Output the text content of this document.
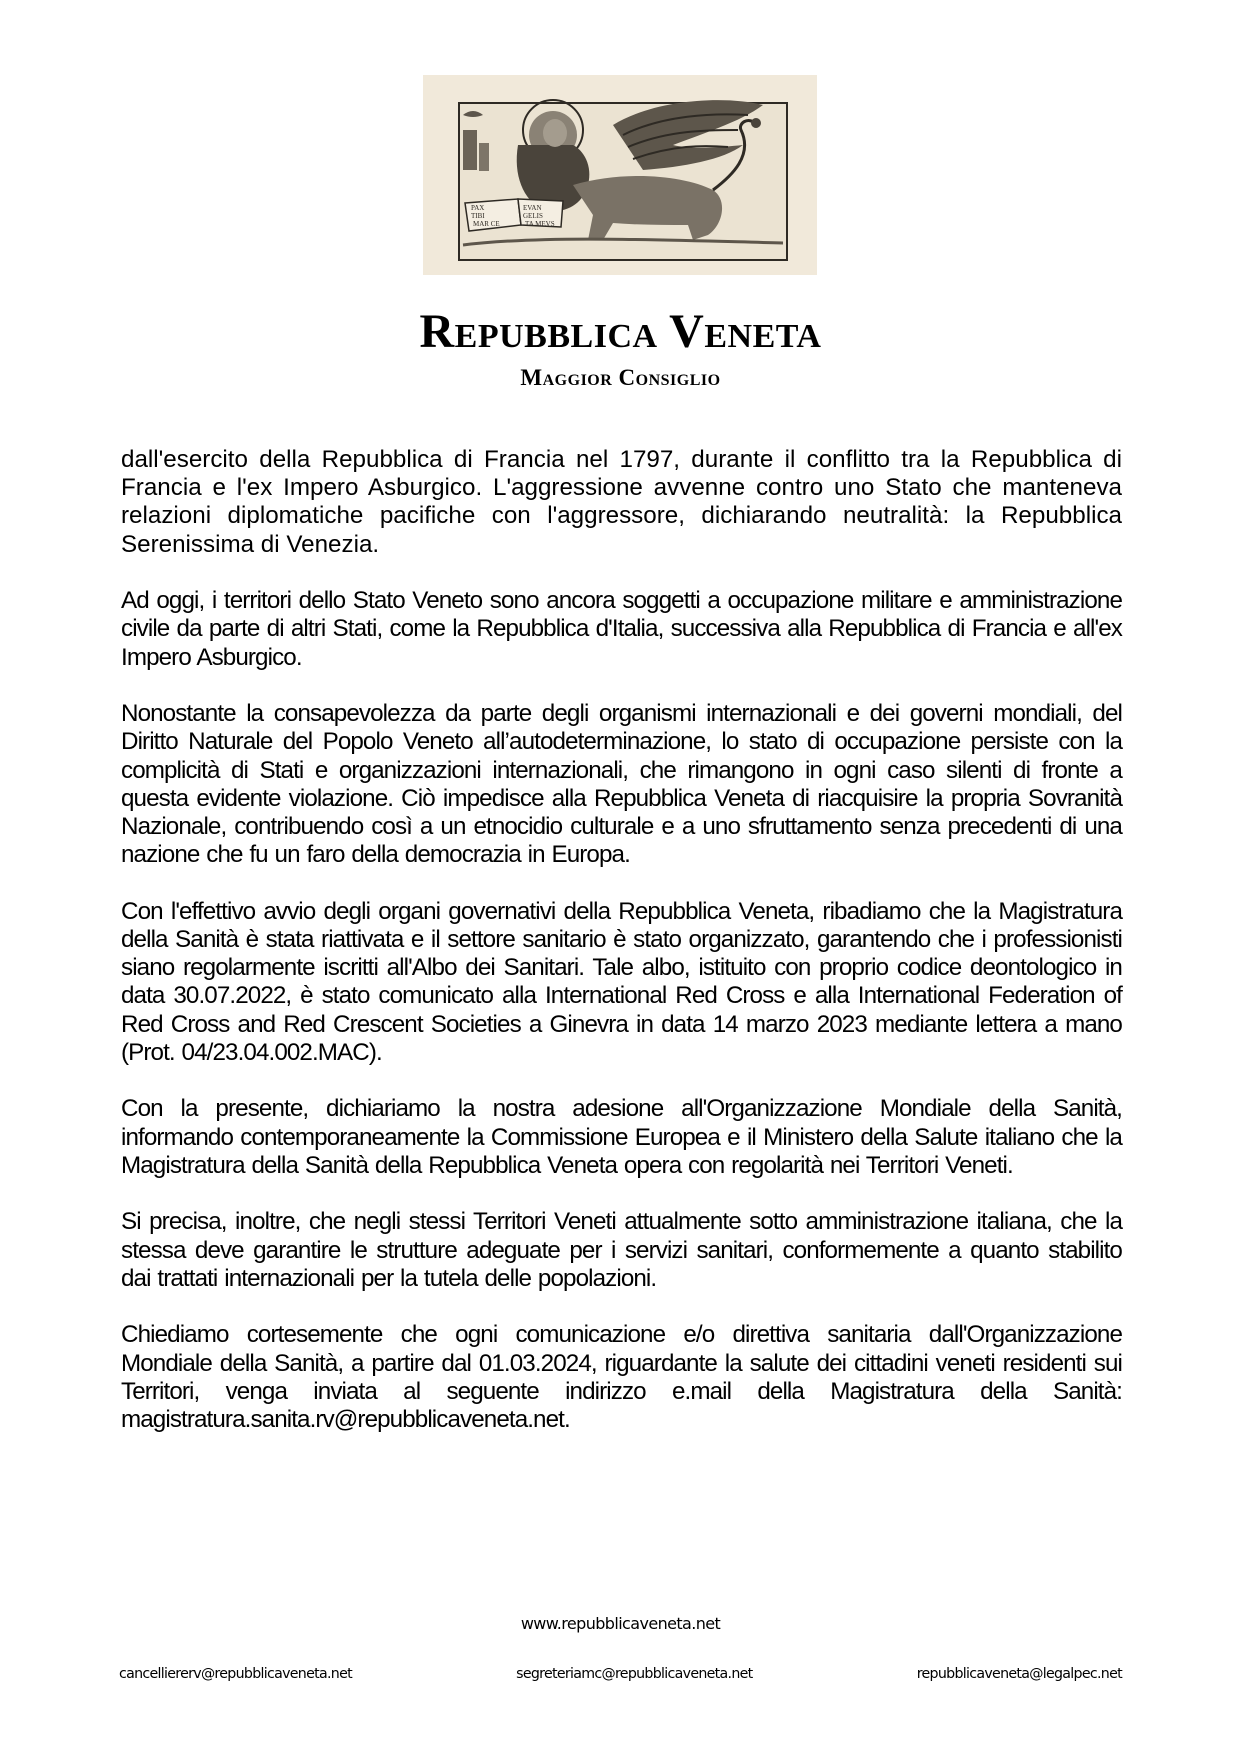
PAX
TIBI
MAR CE
EVAN
GELIS
TA MEVS
Repubblica Veneta
Maggior Consiglio

dall'esercito della Repubblica di Francia nel 1797, durante il conflitto tra la Repubblica di Francia e l'ex Impero Asburgico. L'aggressione avvenne contro uno Stato che manteneva relazioni diplomatiche pacifiche con l'aggressore, dichiarando neutralità: la Repubblica Serenissima di Venezia.

Ad oggi, i territori dello Stato Veneto sono ancora soggetti a occupazione militare e amministrazione civile da parte di altri Stati, come la Repubblica d'Italia, successiva alla Repubblica di Francia e all'ex Impero Asburgico.

Nonostante la consapevolezza da parte degli organismi internazionali e dei governi mondiali, del Diritto Naturale del Popolo Veneto all’autodeterminazione, lo stato di occupazione persiste con la complicità di Stati e organizzazioni internazionali, che rimangono in ogni caso silenti di fronte a questa evidente violazione. Ciò impedisce alla Repubblica Veneta di riacquisire la propria Sovranità Nazionale, contribuendo così a un etnocidio culturale e a uno sfruttamento senza precedenti di una nazione che fu un faro della democrazia in Europa.

Con l'effettivo avvio degli organi governativi della Repubblica Veneta, ribadiamo che la Magistratura della Sanità è stata riattivata e il settore sanitario è stato organizzato, garantendo che i professionisti siano regolarmente iscritti all'Albo dei Sanitari. Tale albo, istituito con proprio codice deontologico in data 30.07.2022, è stato comunicato alla International Red Cross e alla International Federation of Red Cross and Red Crescent Societies a Ginevra in data 14 marzo 2023 mediante lettera a mano (Prot. 04/23.04.002.MAC).

Con la presente, dichiariamo la nostra adesione all'Organizzazione Mondiale della Sanità, informando contemporaneamente la Commissione Europea e il Ministero della Salute italiano che la Magistratura della Sanità della Repubblica Veneta opera con regolarità nei Territori Veneti.

Si precisa, inoltre, che negli stessi Territori Veneti attualmente sotto amministrazione italiana, che la stessa deve garantire le strutture adeguate per i servizi sanitari, conformemente a quanto stabilito dai trattati internazionali per la tutela delle popolazioni.

Chiediamo cortesemente che ogni comunicazione e/o direttiva sanitaria dall'Organizzazione Mondiale della Sanità, a partire dal 01.03.2024, riguardante la salute dei cittadini veneti residenti sui Territori, venga inviata al seguente indirizzo e.mail della Magistratura della Sanità: magistratura.sanita.rv@repubblicaveneta.net.

www.repubblicaveneta.net
cancelliererv@repubblicaveneta.net	segreteriamc@repubblicaveneta.net	repubblicaveneta@legalpec.net
